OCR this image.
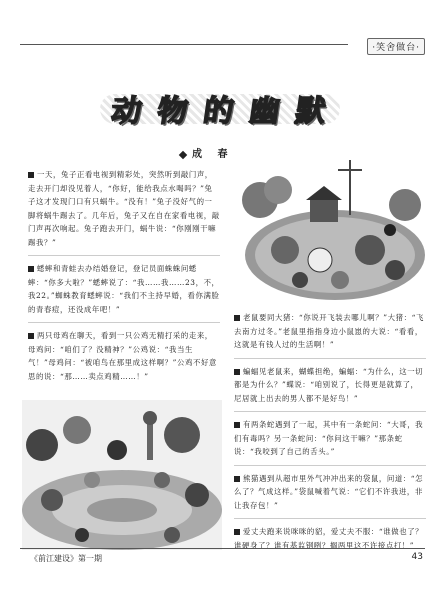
·笑舍做台·
动 物 的 幽 默
成 春

一天，兔子正看电视到精彩处，突然听到敲门声，走去开门却没见着人，“你好，能给我点水喝吗？”兔子这才发现门口有只蜗牛。“没有！”兔子没好气的一脚将蜗牛踢去了。几年后，兔子又在自在家看电视，敲门声再次响起。兔子跑去开门，蜗牛说：“你刚刚干嘛踢我？”

蟋蟀和青蛙去办结婚登记，登记员面蛛蛛问蟋蟀：“你多大啦？”蟋蟀说了：“我……我……23，不，我22。”蜘蛛教育蟋蟀说：“我们不主持早婚，看你满脸的青春痘，还没成年吧！”

两只母鸡在聊天，看到一只公鸡无精打采的走来，母鸡问：“咱们了？没精神？”公鸡说：“我当生气！”母鸡问：“被咱鸟在那里成这样啊？”公鸡不好意思的说：“那……卖点鸡精……！”

老鼠要同大猪：“你说开飞装去哪儿啊？”大猪：“飞去南方过冬。”老鼠里指指身边小鼠崽的大说：“看看，这就是有钱人过的生活啊！”

蝙蝠见老鼠来，蝴蝶担绝，蝙蝠：“为什么，这一切都是为什么？”蝶说：“咱别说了，长得更是就算了，尼居就上出去的男人都不是好鸟！”

有两条蛇遇到了一起，其中有一条蛇问：“大哥，我们有毒吗？另一条蛇问：“你问这干嘛？”那条蛇说：“我咬到了自己的舌头。”

熊猫遇到从超市里外气冲冲出来的袋鼠，问道：“怎么了？气成这样。”袋鼠喊着气说：“它们不许我进，非让我存包！”

爱丈夫跑来说咪咪的貂，爱丈夫不服：“谁做也了？谁硬身了？谁有基监钢咧？搁两里这不许接点打！”

《前江建设》第一期	43
